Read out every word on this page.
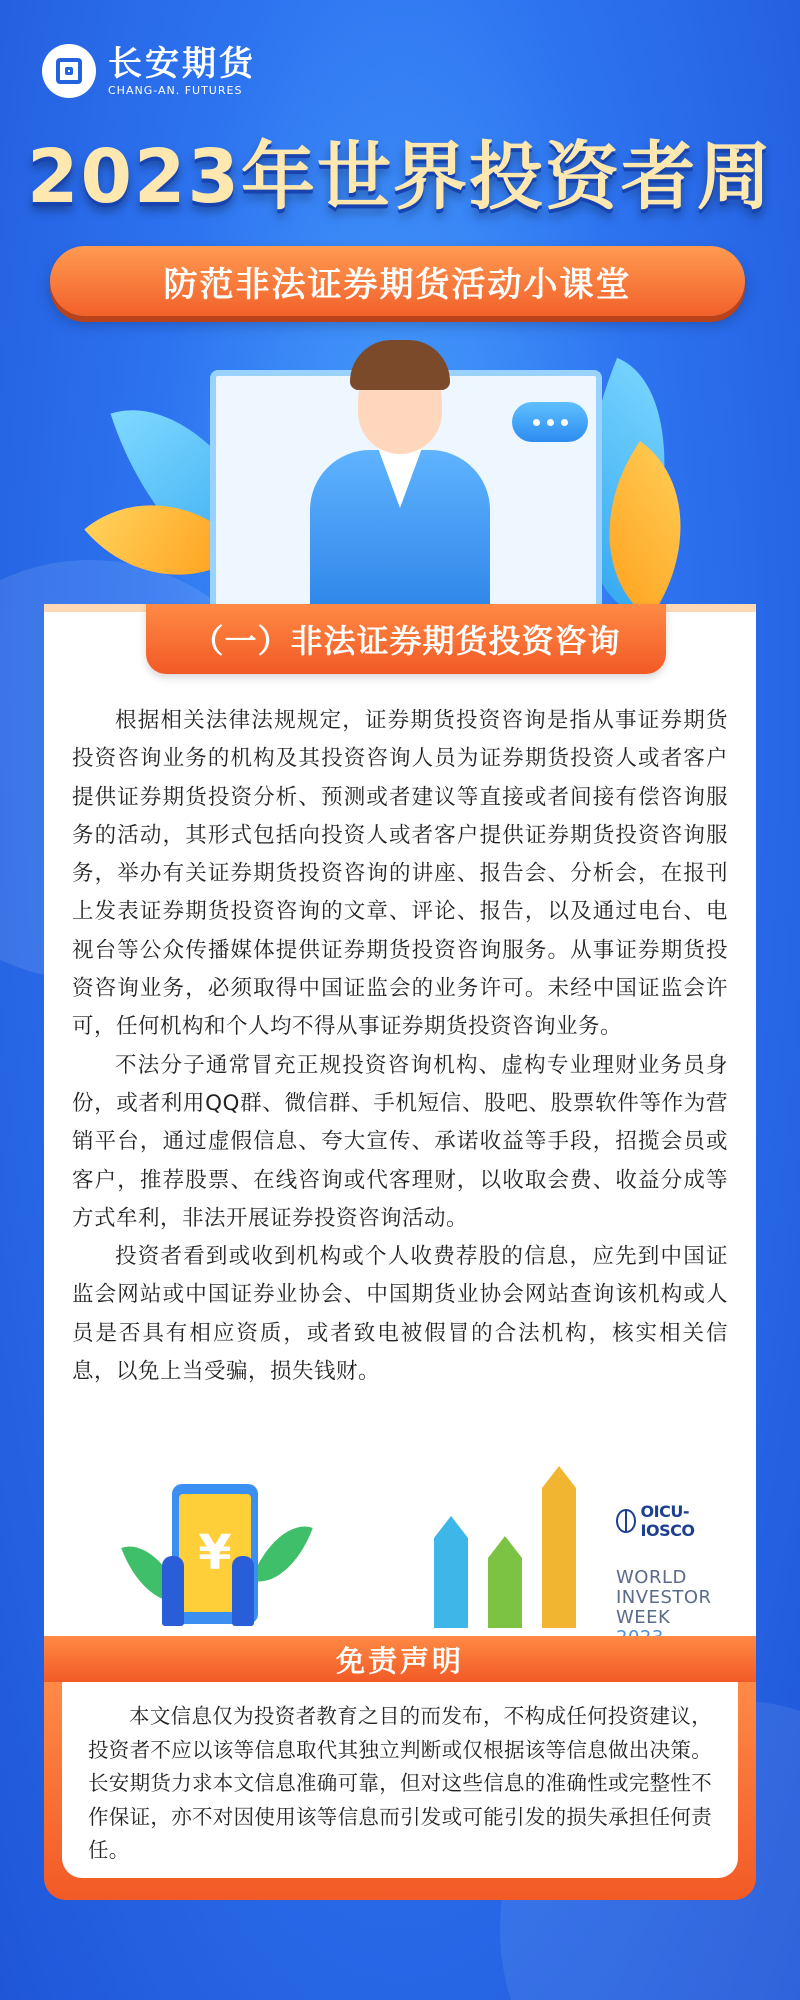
长安期货
CHANG-AN. FUTURES
2023年世界投资者周
防范非法证券期货活动小课堂
（一）非法证券期货投资咨询

根据相关法律法规规定，证券期货投资咨询是指从事证券期货投资咨询业务的机构及其投资咨询人员为证券期货投资人或者客户提供证券期货投资分析、预测或者建议等直接或者间接有偿咨询服务的活动，其形式包括向投资人或者客户提供证券期货投资咨询服务，举办有关证券期货投资咨询的讲座、报告会、分析会，在报刊上发表证券期货投资咨询的文章、评论、报告，以及通过电台、电视台等公众传播媒体提供证券期货投资咨询服务。从事证券期货投资咨询业务，必须取得中国证监会的业务许可。未经中国证监会许可，任何机构和个人均不得从事证券期货投资咨询业务。

不法分子通常冒充正规投资咨询机构、虚构专业理财业务员身份，或者利用QQ群、微信群、手机短信、股吧、股票软件等作为营销平台，通过虚假信息、夸大宣传、承诺收益等手段，招揽会员或客户，推荐股票、在线咨询或代客理财，以收取会费、收益分成等方式牟利，非法开展证券投资咨询活动。

投资者看到或收到机构或个人收费荐股的信息，应先到中国证监会网站或中国证券业协会、中国期货业协会网站查询该机构或人员是否具有相应资质，或者致电被假冒的合法机构，核实相关信息，以免上当受骗，损失钱财。

¥
OICU-IOSCO
WORLD
INVESTOR
WEEK
免责声明

本文信息仅为投资者教育之目的而发布，不构成任何投资建议，投资者不应以该等信息取代其独立判断或仅根据该等信息做出决策。长安期货力求本文信息准确可靠，但对这些信息的准确性或完整性不作保证，亦不对因使用该等信息而引发或可能引发的损失承担任何责任。
